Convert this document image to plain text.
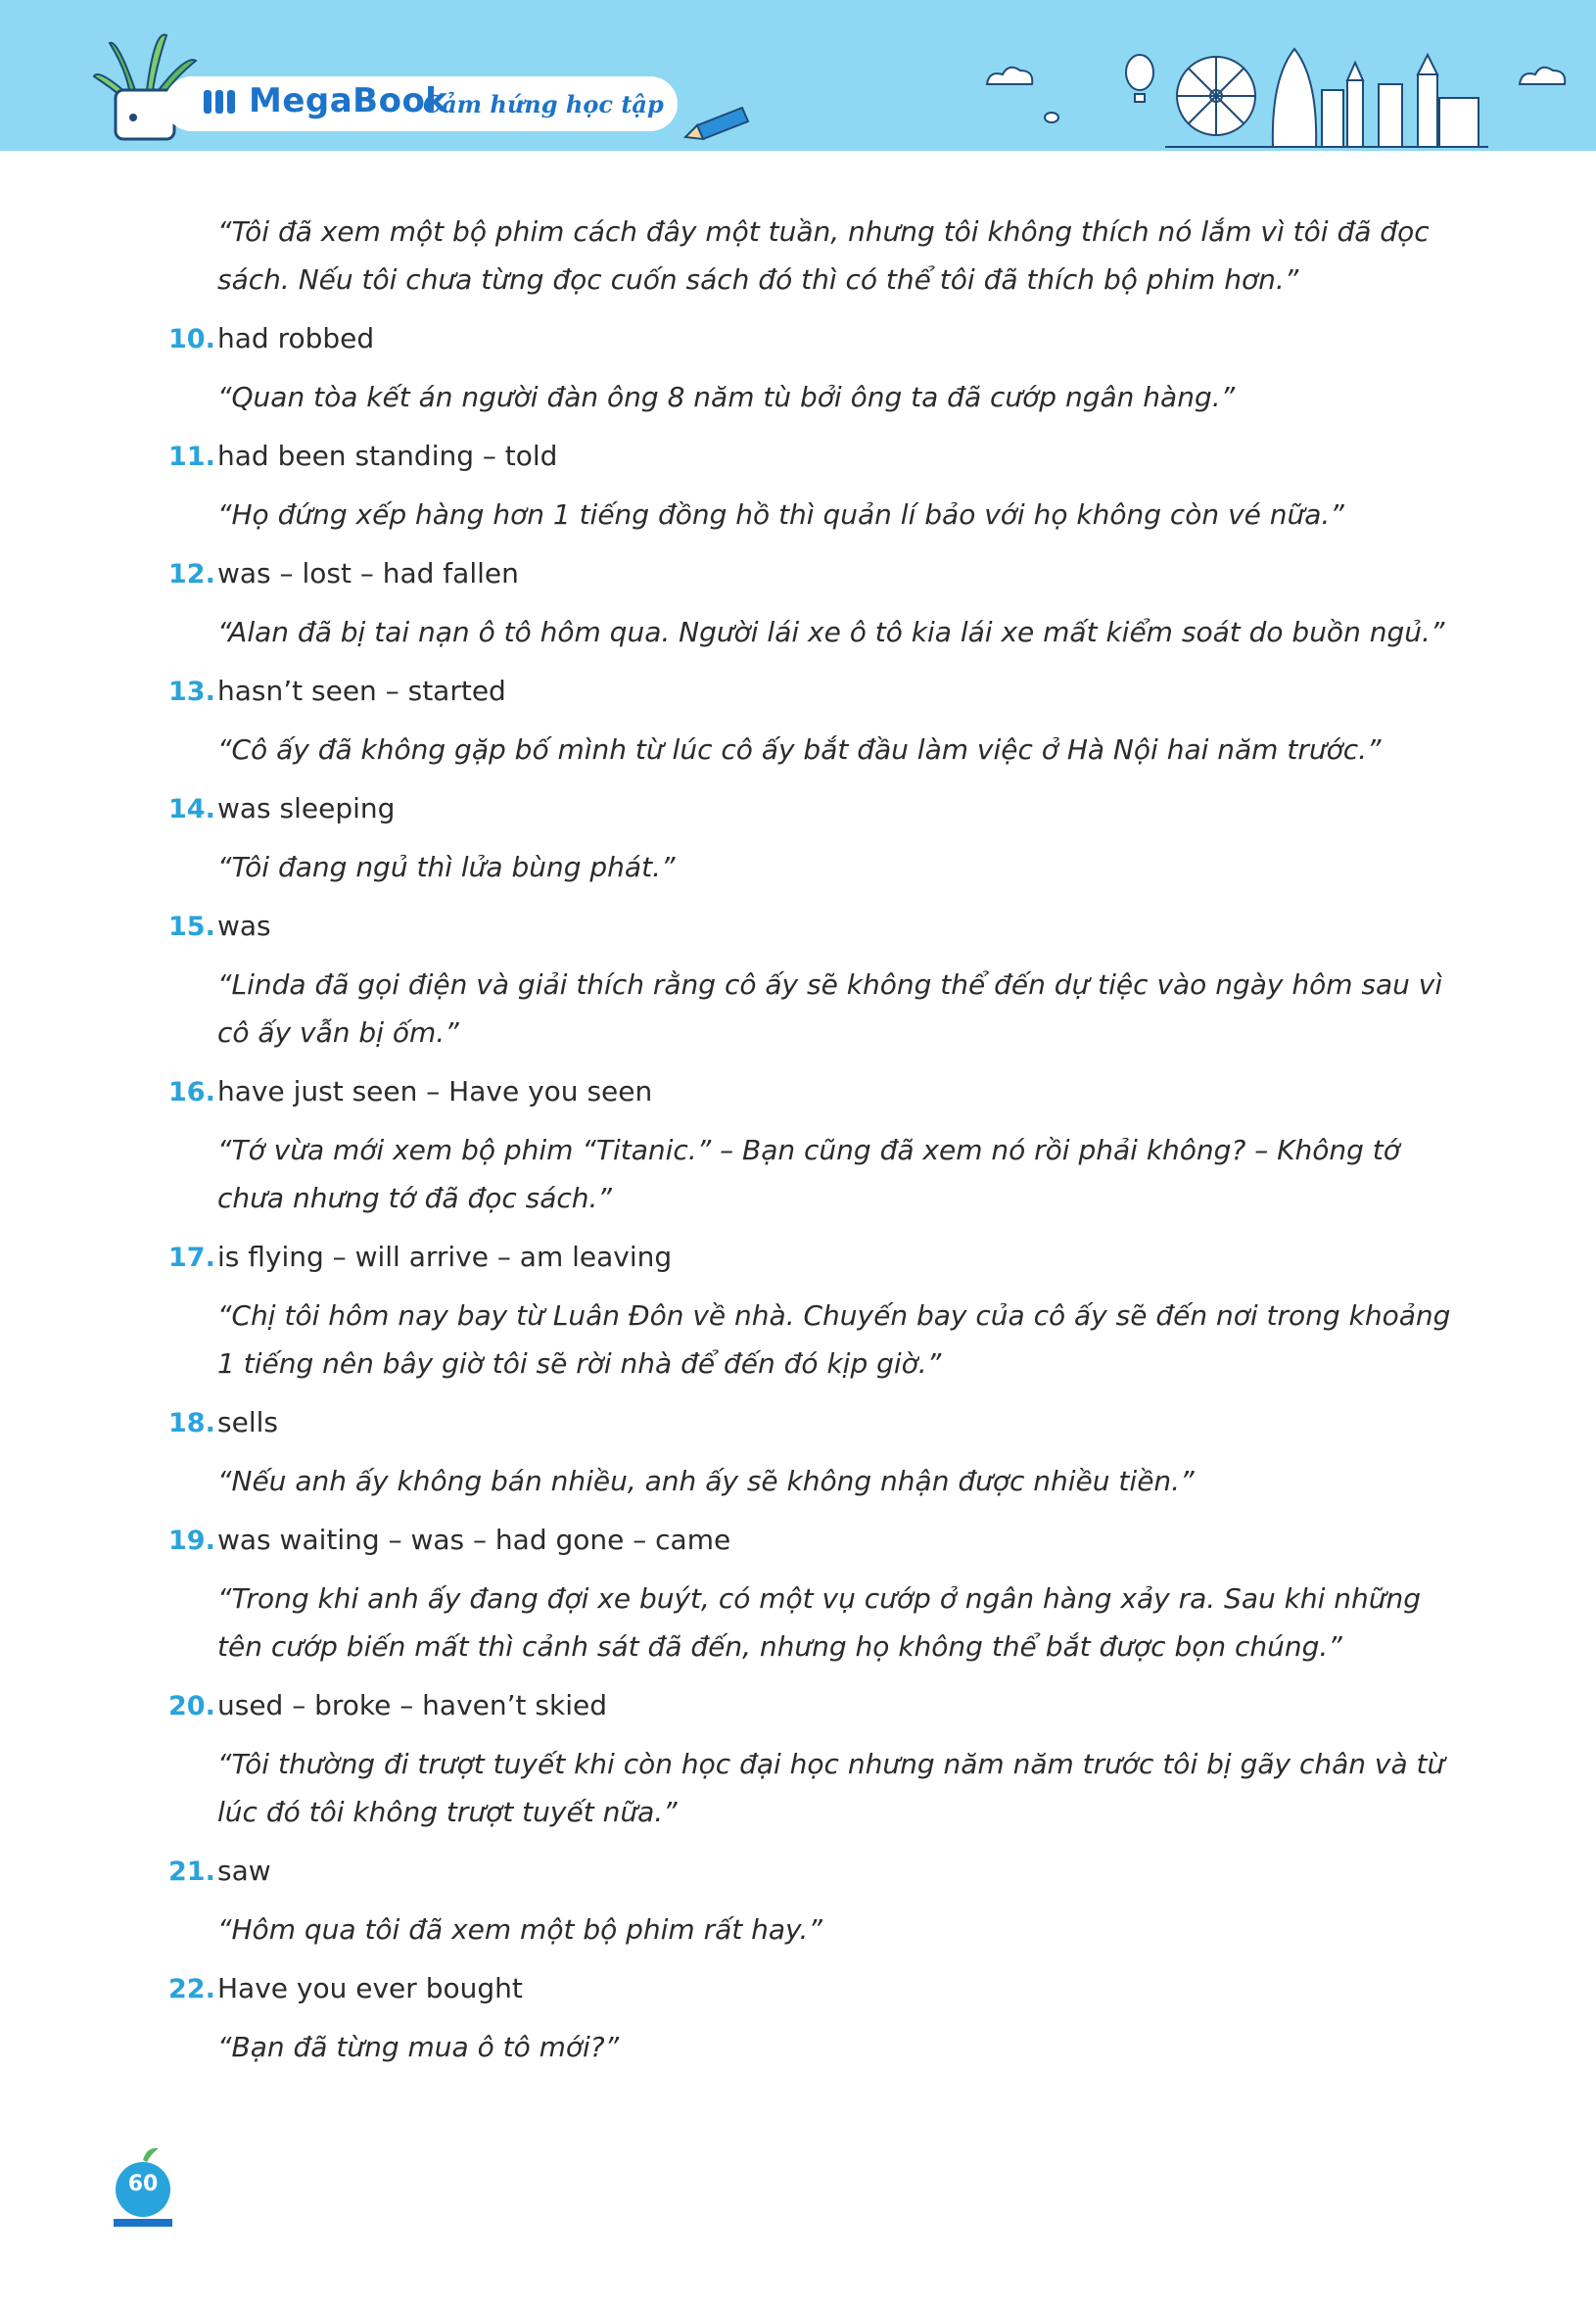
MegaBook
Cảm hứng học tập
“Tôi đã xem một bộ phim cách đây một tuần, nhưng tôi không thích nó lắm vì tôi đã đọc sách. Nếu tôi chưa từng đọc cuốn sách đó thì có thể tôi đã thích bộ phim hơn.”
10. had robbed
“Quan tòa kết án người đàn ông 8 năm tù bởi ông ta đã cướp ngân hàng.”
11. had been standing – told
“Họ đứng xếp hàng hơn 1 tiếng đồng hồ thì quản lí bảo với họ không còn vé nữa.”
12. was – lost – had fallen
“Alan đã bị tai nạn ô tô hôm qua. Người lái xe ô tô kia lái xe mất kiểm soát do buồn ngủ.”
13. hasn’t seen – started
“Cô ấy đã không gặp bố mình từ lúc cô ấy bắt đầu làm việc ở Hà Nội hai năm trước.”
14. was sleeping
“Tôi đang ngủ thì lửa bùng phát.”
15. was
“Linda đã gọi điện và giải thích rằng cô ấy sẽ không thể đến dự tiệc vào ngày hôm sau vì cô ấy vẫn bị ốm.”
16. have just seen – Have you seen
“Tớ vừa mới xem bộ phim “Titanic.” – Bạn cũng đã xem nó rồi phải không? – Không tớ chưa nhưng tớ đã đọc sách.”
17. is flying – will arrive – am leaving
“Chị tôi hôm nay bay từ Luân Đôn về nhà. Chuyến bay của cô ấy sẽ đến nơi trong khoảng 1 tiếng nên bây giờ tôi sẽ rời nhà để đến đó kịp giờ.”
18. sells
“Nếu anh ấy không bán nhiều, anh ấy sẽ không nhận được nhiều tiền.”
19. was waiting – was – had gone – came
“Trong khi anh ấy đang đợi xe buýt, có một vụ cướp ở ngân hàng xảy ra. Sau khi những tên cướp biến mất thì cảnh sát đã đến, nhưng họ không thể bắt được bọn chúng.”
20. used – broke – haven’t skied
“Tôi thường đi trượt tuyết khi còn học đại học nhưng năm năm trước tôi bị gãy chân và từ lúc đó tôi không trượt tuyết nữa.”
21. saw
“Hôm qua tôi đã xem một bộ phim rất hay.”
22. Have you ever bought
“Bạn đã từng mua ô tô mới?”
60
